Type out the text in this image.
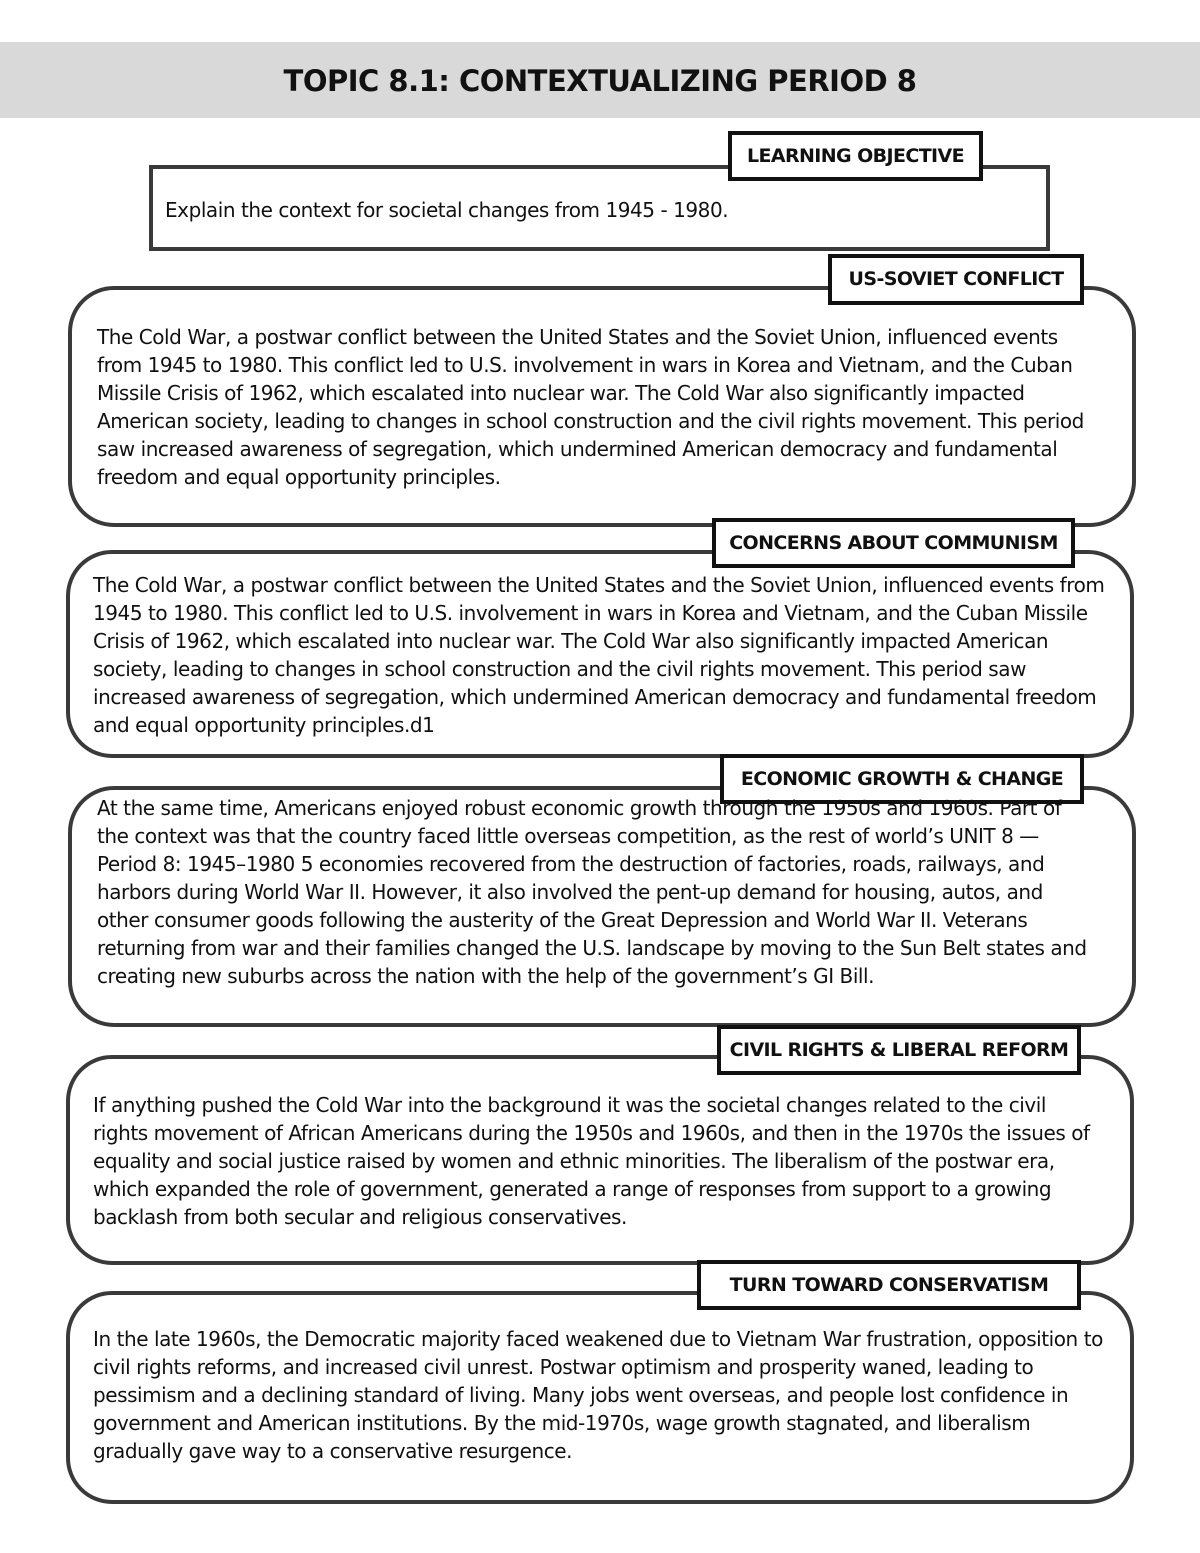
TOPIC 8.1: CONTEXTUALIZING PERIOD 8
LEARNING OBJECTIVE

Explain the context for societal changes from 1945 - 1980.

US-SOVIET CONFLICT

The Cold War, a postwar conflict between the United States and the Soviet Union, influenced events from 1945 to 1980. This conflict led to U.S. involvement in wars in Korea and Vietnam, and the Cuban Missile Crisis of 1962, which escalated into nuclear war. The Cold War also significantly impacted American society, leading to changes in school construction and the civil rights movement. This period saw increased awareness of segregation, which undermined American democracy and fundamental freedom and equal opportunity principles.

CONCERNS ABOUT COMMUNISM

The Cold War, a postwar conflict between the United States and the Soviet Union, influenced events from 1945 to 1980. This conflict led to U.S. involvement in wars in Korea and Vietnam, and the Cuban Missile Crisis of 1962, which escalated into nuclear war. The Cold War also significantly impacted American society, leading to changes in school construction and the civil rights movement. This period saw increased awareness of segregation, which undermined American democracy and fundamental freedom and equal opportunity principles.d1

ECONOMIC GROWTH & CHANGE

At the same time, Americans enjoyed robust economic growth through the 1950s and 1960s. Part of the context was that the country faced little overseas competition, as the rest of world’s UNIT 8 — Period 8: 1945–1980 5 economies recovered from the destruction of factories, roads, railways, and harbors during World War II. However, it also involved the pent-up demand for housing, autos, and other consumer goods following the austerity of the Great Depression and World War II. Veterans returning from war and their families changed the U.S. landscape by moving to the Sun Belt states and creating new suburbs across the nation with the help of the government’s GI Bill.

CIVIL RIGHTS & LIBERAL REFORM

If anything pushed the Cold War into the background it was the societal changes related to the civil rights movement of African Americans during the 1950s and 1960s, and then in the 1970s the issues of equality and social justice raised by women and ethnic minorities. The liberalism of the postwar era, which expanded the role of government, generated a range of responses from support to a growing backlash from both secular and religious conservatives.

TURN TOWARD CONSERVATISM

In the late 1960s, the Democratic majority faced weakened due to Vietnam War frustration, opposition to civil rights reforms, and increased civil unrest. Postwar optimism and prosperity waned, leading to pessimism and a declining standard of living. Many jobs went overseas, and people lost confidence in government and American institutions. By the mid-1970s, wage growth stagnated, and liberalism gradually gave way to a conservative resurgence.
